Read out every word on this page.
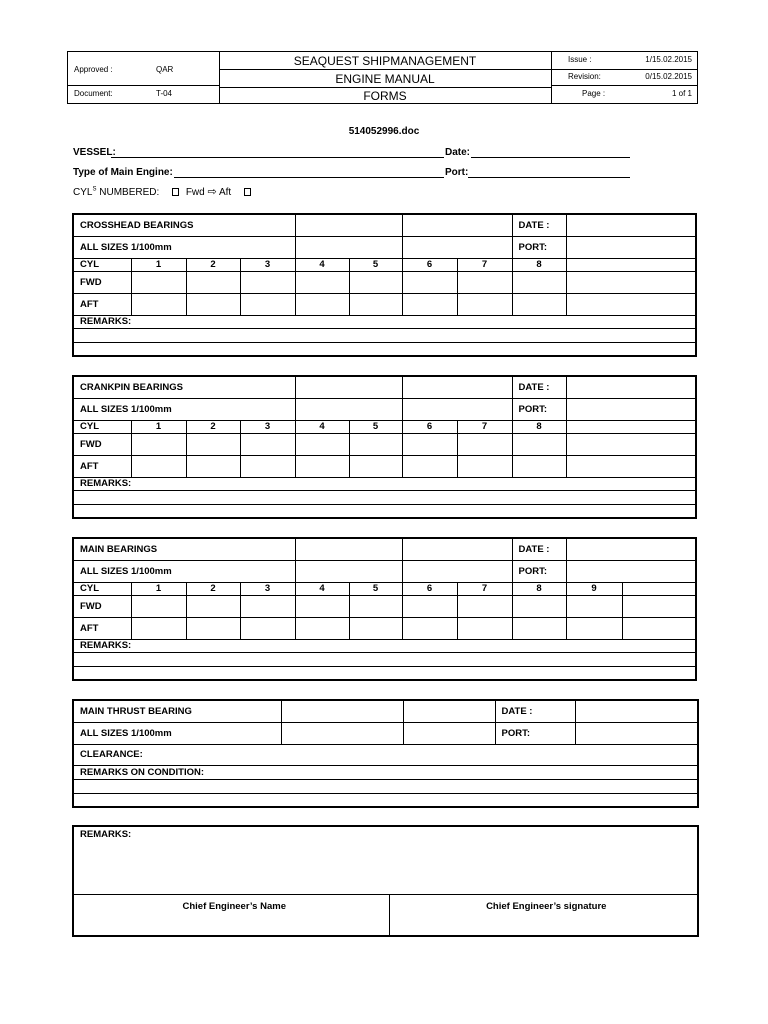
Approved :	QAR
Document:	T-04
SEAQUEST SHIPMANAGEMENT
ENGINE MANUAL
FORMS
Issue :	1/15.02.2015
Revision:	0/15.02.2015
Page :	1 of 1
514052996.doc
VESSEL:	Date:
Type of Main Engine:	Port:
$CYL^S$ NUMBERED:	Fwd ⇨ Aft
CROSSHEAD BEARINGS								DATE :	
ALL SIZES 1/100mm								PORT:	
CYL	1	2	3	4	5	6	7	8	
FWD									
AFT									
REMARKS:									

CRANKPIN BEARINGS								DATE :	
ALL SIZES 1/100mm								PORT:	
CYL	1	2	3	4	5	6	7	8	
FWD									
AFT									
REMARKS:									

MAIN BEARINGS								DATE :		
ALL SIZES 1/100mm								PORT:		
CYL	1	2	3	4	5	6	7	8	9	
FWD										
AFT										
REMARKS:										

MAIN THRUST BEARING			DATE :	
ALL SIZES 1/100mm			PORT:	
CLEARANCE:				
REMARKS ON CONDITION:				

REMARKS:
Chief Engineer’s Name	Chief Engineer’s signature
